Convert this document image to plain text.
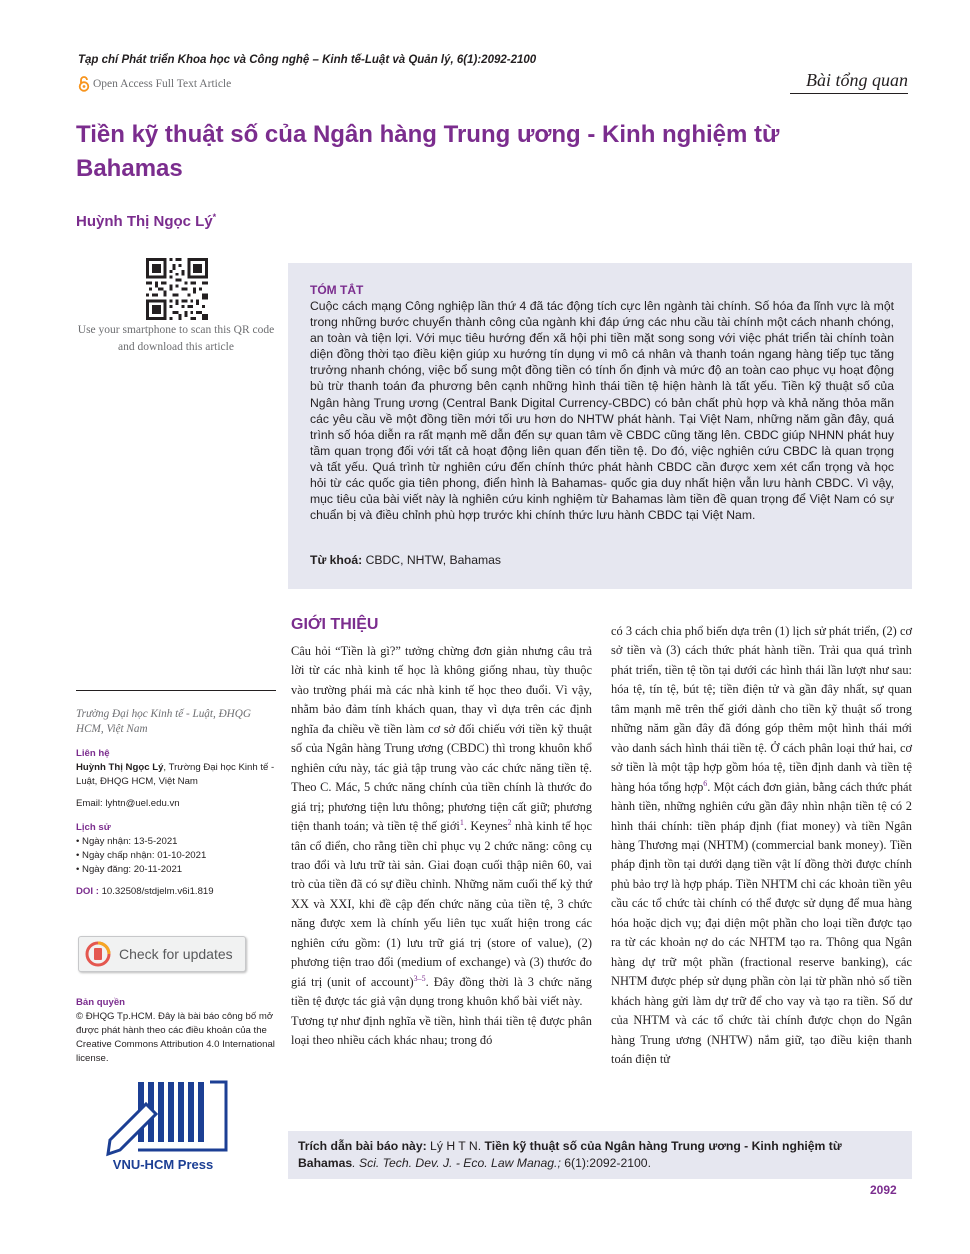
Tạp chí Phát triển Khoa học và Công nghệ – Kinh tế-Luật và Quản lý, 6(1):2092-2100
Open Access Full Text Article	Bài tổng quan
Tiền kỹ thuật số của Ngân hàng Trung ương - Kinh nghiệm từ Bahamas
Huỳnh Thị Ngọc Lý*
Use your smartphone to scan this QR code and download this article
TÓM TẮT
Cuộc cách mạng Công nghiệp lần thứ 4 đã tác động tích cực lên ngành tài chính. Số hóa đa lĩnh vực là một trong những bước chuyển thành công của ngành khi đáp ứng các nhu cầu tài chính một cách nhanh chóng, an toàn và tiện lợi. Với mục tiêu hướng đến xã hội phi tiền mặt song song với việc phát triển tài chính toàn diện đồng thời tạo điều kiện giúp xu hướng tín dụng vi mô cá nhân và thanh toán ngang hàng tiếp tục tăng trưởng nhanh chóng, việc bổ sung một đồng tiền có tính ổn định và mức độ an toàn cao phục vụ hoạt động bù trừ thanh toán đa phương bên cạnh những hình thái tiền tệ hiện hành là tất yếu. Tiền kỹ thuật số của Ngân hàng Trung ương (Central Bank Digital Currency-CBDC) có bản chất phù hợp và khả năng thỏa mãn các yêu cầu về một đồng tiền mới tối ưu hơn do NHTW phát hành. Tại Việt Nam, những năm gần đây, quá trình số hóa diễn ra rất mạnh mẽ dẫn đến sự quan tâm về CBDC cũng tăng lên. CBDC giúp NHNN phát huy tầm quan trọng đối với tất cả hoạt động liên quan đến tiền tệ. Do đó, việc nghiên cứu CBDC là quan trọng và tất yếu. Quá trình từ nghiên cứu đến chính thức phát hành CBDC cần được xem xét cẩn trọng và học hỏi từ các quốc gia tiên phong, điển hình là Bahamas- quốc gia duy nhất hiện vẫn lưu hành CBDC. Vì vậy, mục tiêu của bài viết này là nghiên cứu kinh nghiệm từ Bahamas làm tiền đề quan trọng để Việt Nam có sự chuẩn bị và điều chỉnh phù hợp trước khi chính thức lưu hành CBDC tại Việt Nam.
Từ khoá: CBDC, NHTW, Bahamas
GIỚI THIỆU

Câu hỏi “Tiền là gì?” tưởng chừng đơn giản nhưng câu trả lời từ các nhà kinh tế học là không giống nhau, tùy thuộc vào trường phái mà các nhà kinh tế học theo đuổi. Vì vậy, nhằm bảo đảm tính khách quan, thay vì dựa trên các định nghĩa đa chiều về tiền làm cơ sở đối chiếu với tiền kỹ thuật số của Ngân hàng Trung ương (CBDC) thì trong khuôn khổ nghiên cứu này, tác giả tập trung vào các chức năng tiền tệ. Theo C. Mác, 5 chức năng chính của tiền chính là thước đo giá trị; phương tiện lưu thông; phương tiện cất giữ; phương tiện thanh toán; và tiền tệ thế giới$^1$. Keynes$^2$ nhà kinh tế học tân cổ điển, cho rằng tiền chỉ phục vụ 2 chức năng: công cụ trao đổi và lưu trữ tài sản. Giai đoạn cuối thập niên 60, vai trò của tiền đã có sự điều chỉnh. Những năm cuối thế kỷ thứ XX và XXI, khi đề cập đến chức năng của tiền tệ, 3 chức năng được xem là chính yếu liên tục xuất hiện trong các nghiên cứu gồm: (1) lưu trữ giá trị (store of value), (2) phương tiện trao đổi (medium of exchange) và (3) thước đo giá trị (unit of account)$^{3-5}$. Đây đồng thời là 3 chức năng tiền tệ được tác giả vận dụng trong khuôn khổ bài viết này.

Tương tự như định nghĩa về tiền, hình thái tiền tệ được phân loại theo nhiều cách khác nhau; trong đó

có 3 cách chia phổ biến dựa trên (1) lịch sử phát triển, (2) cơ sở tiền và (3) cách thức phát hành tiền. Trải qua quá trình phát triển, tiền tệ tồn tại dưới các hình thái lần lượt như sau: hóa tệ, tín tệ, bút tệ; tiền điện tử và gần đây nhất, sự quan tâm mạnh mẽ trên thế giới dành cho tiền kỹ thuật số trong những năm gần đây đã đóng góp thêm một hình thái mới vào danh sách hình thái tiền tệ. Ở cách phân loại thứ hai, cơ sở tiền là một tập hợp gồm hóa tệ, tiền định danh và tiền tệ hàng hóa tổng hợp$^6$. Một cách đơn giản, bằng cách thức phát hành tiền, những nghiên cứu gần đây nhìn nhận tiền tệ có 2 hình thái chính: tiền pháp định (fiat money) và tiền Ngân hàng Thương mại (NHTM) (commercial bank money). Tiền pháp định tồn tại dưới dạng tiền vật lí đồng thời được chính phủ bảo trợ là hợp pháp. Tiền NHTM chỉ các khoản tiền yêu cầu các tổ chức tài chính có thể được sử dụng để mua hàng hóa hoặc dịch vụ; đại diện một phần cho loại tiền được tạo ra từ các khoản nợ do các NHTM tạo ra. Thông qua Ngân hàng dự trữ một phần (fractional reserve banking), các NHTM được phép sử dụng phần còn lại từ phần nhỏ số tiền khách hàng gửi làm dự trữ để cho vay và tạo ra tiền. Số dư của NHTM và các tổ chức tài chính được chọn do Ngân hàng Trung ương (NHTW) nắm giữ, tạo điều kiện thanh toán điện tử

Trường Đại học Kinh tế - Luật, ĐHQG HCM, Việt Nam
Liên hệ
Huỳnh Thị Ngọc Lý, Trường Đại học Kinh tế - Luật, ĐHQG HCM, Việt Nam
Email: lyhtn@uel.edu.vn
Lịch sử
• Ngày nhận: 13-5-2021
• Ngày chấp nhận: 01-10-2021
• Ngày đăng: 20-11-2021
DOI : 10.32508/stdjelm.v6i1.819
Check for updates
Bản quyền
© ĐHQG Tp.HCM. Đây là bài báo công bố mở được phát hành theo các điều khoản của the Creative Commons Attribution 4.0 International license.
VNU-HCM Press
Trích dẫn bài báo này: Lý H T N. Tiền kỹ thuật số của Ngân hàng Trung ương - Kinh nghiệm từ Bahamas. Sci. Tech. Dev. J. - Eco. Law Manag.; 6(1):2092-2100.
2092
